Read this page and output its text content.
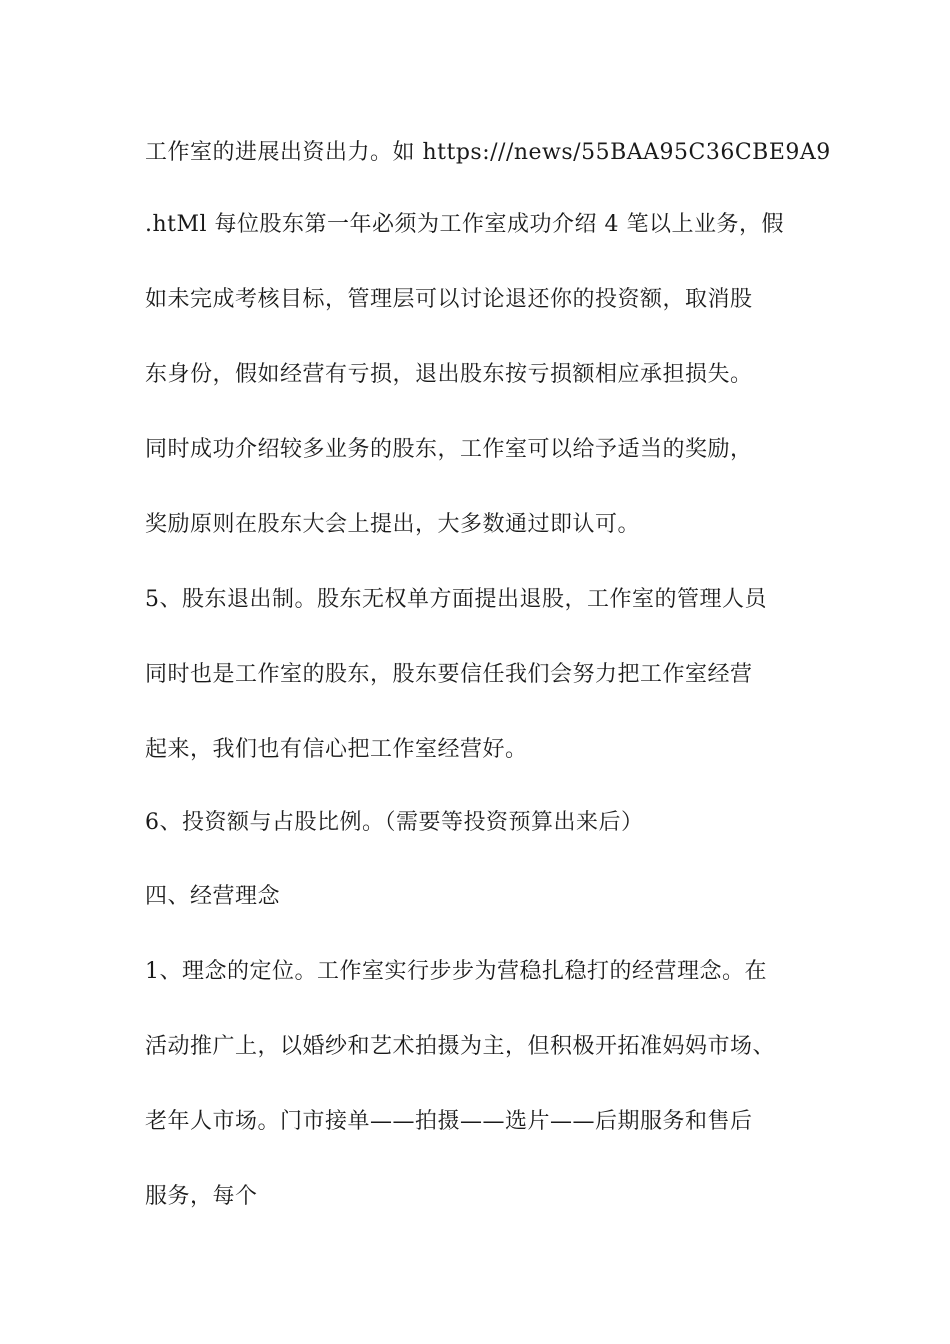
工作室的进展出资出力。如 https:///news/55BAA95C36CBE9A9
.htMl 每位股东第一年必须为工作室成功介绍 4 笔以上业务，假
如未完成考核目标，管理层可以讨论退还你的投资额，取消股
东身份，假如经营有亏损，退出股东按亏损额相应承担损失。
同时成功介绍较多业务的股东，工作室可以给予适当的奖励，
奖励原则在股东大会上提出，大多数通过即认可。
5、股东退出制。股东无权单方面提出退股，工作室的管理人员
同时也是工作室的股东，股东要信任我们会努力把工作室经营
起来，我们也有信心把工作室经营好。
6、投资额与占股比例。（需要等投资预算出来后）
四、经营理念
1、理念的定位。工作室实行步步为营稳扎稳打的经营理念。在
活动推广上，以婚纱和艺术拍摄为主，但积极开拓准妈妈市场、
老年人市场。门市接单——拍摄——选片——后期服务和售后
服务，每个
